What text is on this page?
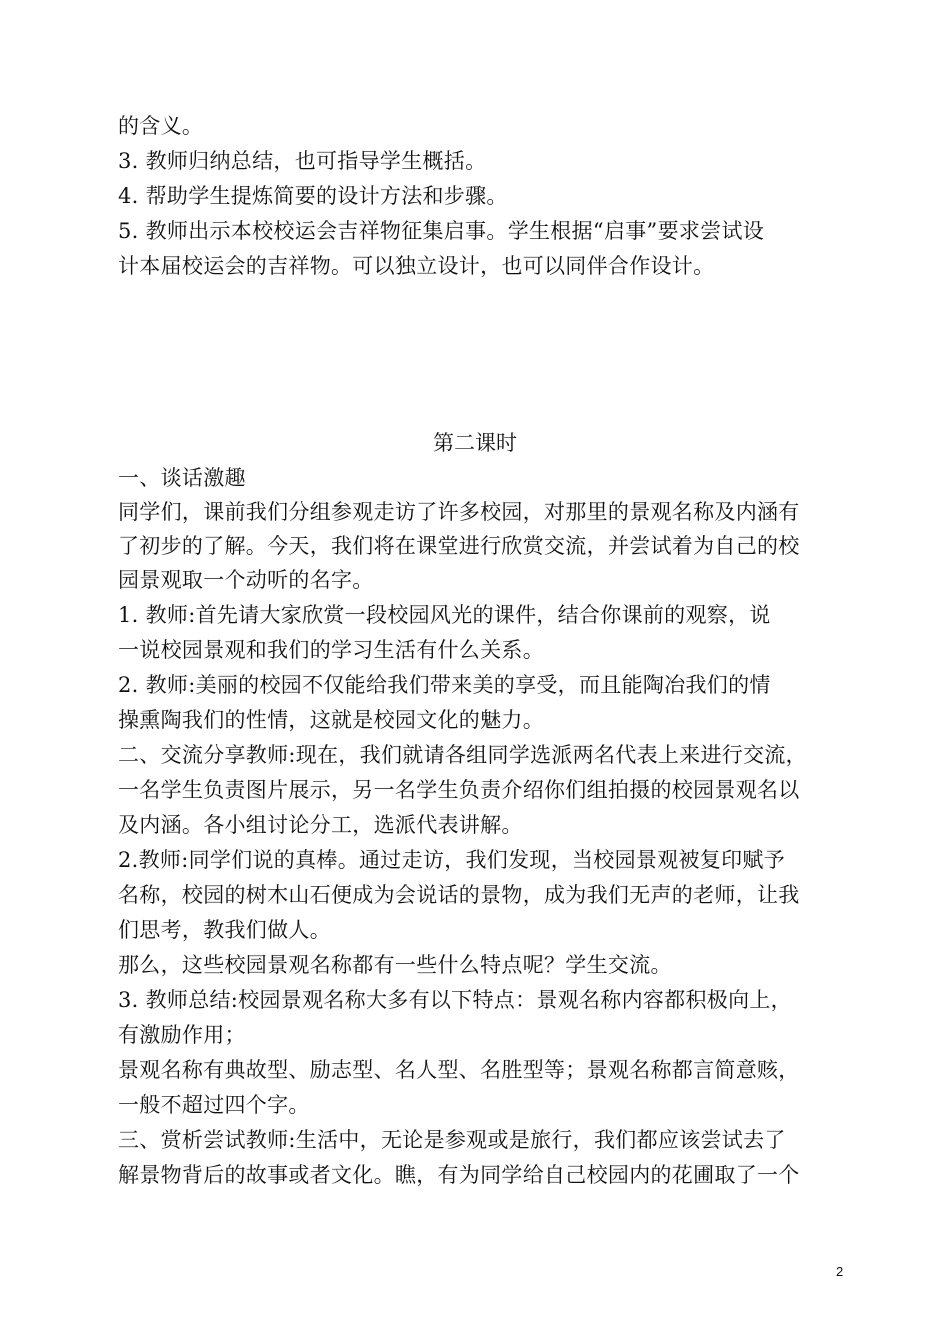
的含义。
3. 教师归纳总结，也可指导学生概括。
4. 帮助学生提炼简要的设计方法和步骤。
5. 教师出示本校校运会吉祥物征集启事。学生根据“启事”要求尝试设
计本届校运会的吉祥物。可以独立设计，也可以同伴合作设计。
第二课时
一、谈话激趣
同学们，课前我们分组参观走访了许多校园，对那里的景观名称及内涵有
了初步的了解。今天，我们将在课堂进行欣赏交流，并尝试着为自己的校
园景观取一个动听的名字。
1. 教师:首先请大家欣赏一段校园风光的课件，结合你课前的观察，说
一说校园景观和我们的学习生活有什么关系。
2. 教师:美丽的校园不仅能给我们带来美的享受，而且能陶冶我们的情
操熏陶我们的性情，这就是校园文化的魅力。
二、交流分享教师:现在，我们就请各组同学选派两名代表上来进行交流，
一名学生负责图片展示，另一名学生负责介绍你们组拍摄的校园景观名以
及内涵。各小组讨论分工，选派代表讲解。
2.教师:同学们说的真棒。通过走访，我们发现，当校园景观被复印赋予
名称，校园的树木山石便成为会说话的景物，成为我们无声的老师，让我
们思考，教我们做人。
那么，这些校园景观名称都有一些什么特点呢？学生交流。
3. 教师总结:校园景观名称大多有以下特点：景观名称内容都积极向上，
有激励作用；
景观名称有典故型、励志型、名人型、名胜型等；景观名称都言简意赅，
一般不超过四个字。
三、赏析尝试教师:生活中，无论是参观或是旅行，我们都应该尝试去了
解景物背后的故事或者文化。瞧，有为同学给自己校园内的花圃取了一个
2
